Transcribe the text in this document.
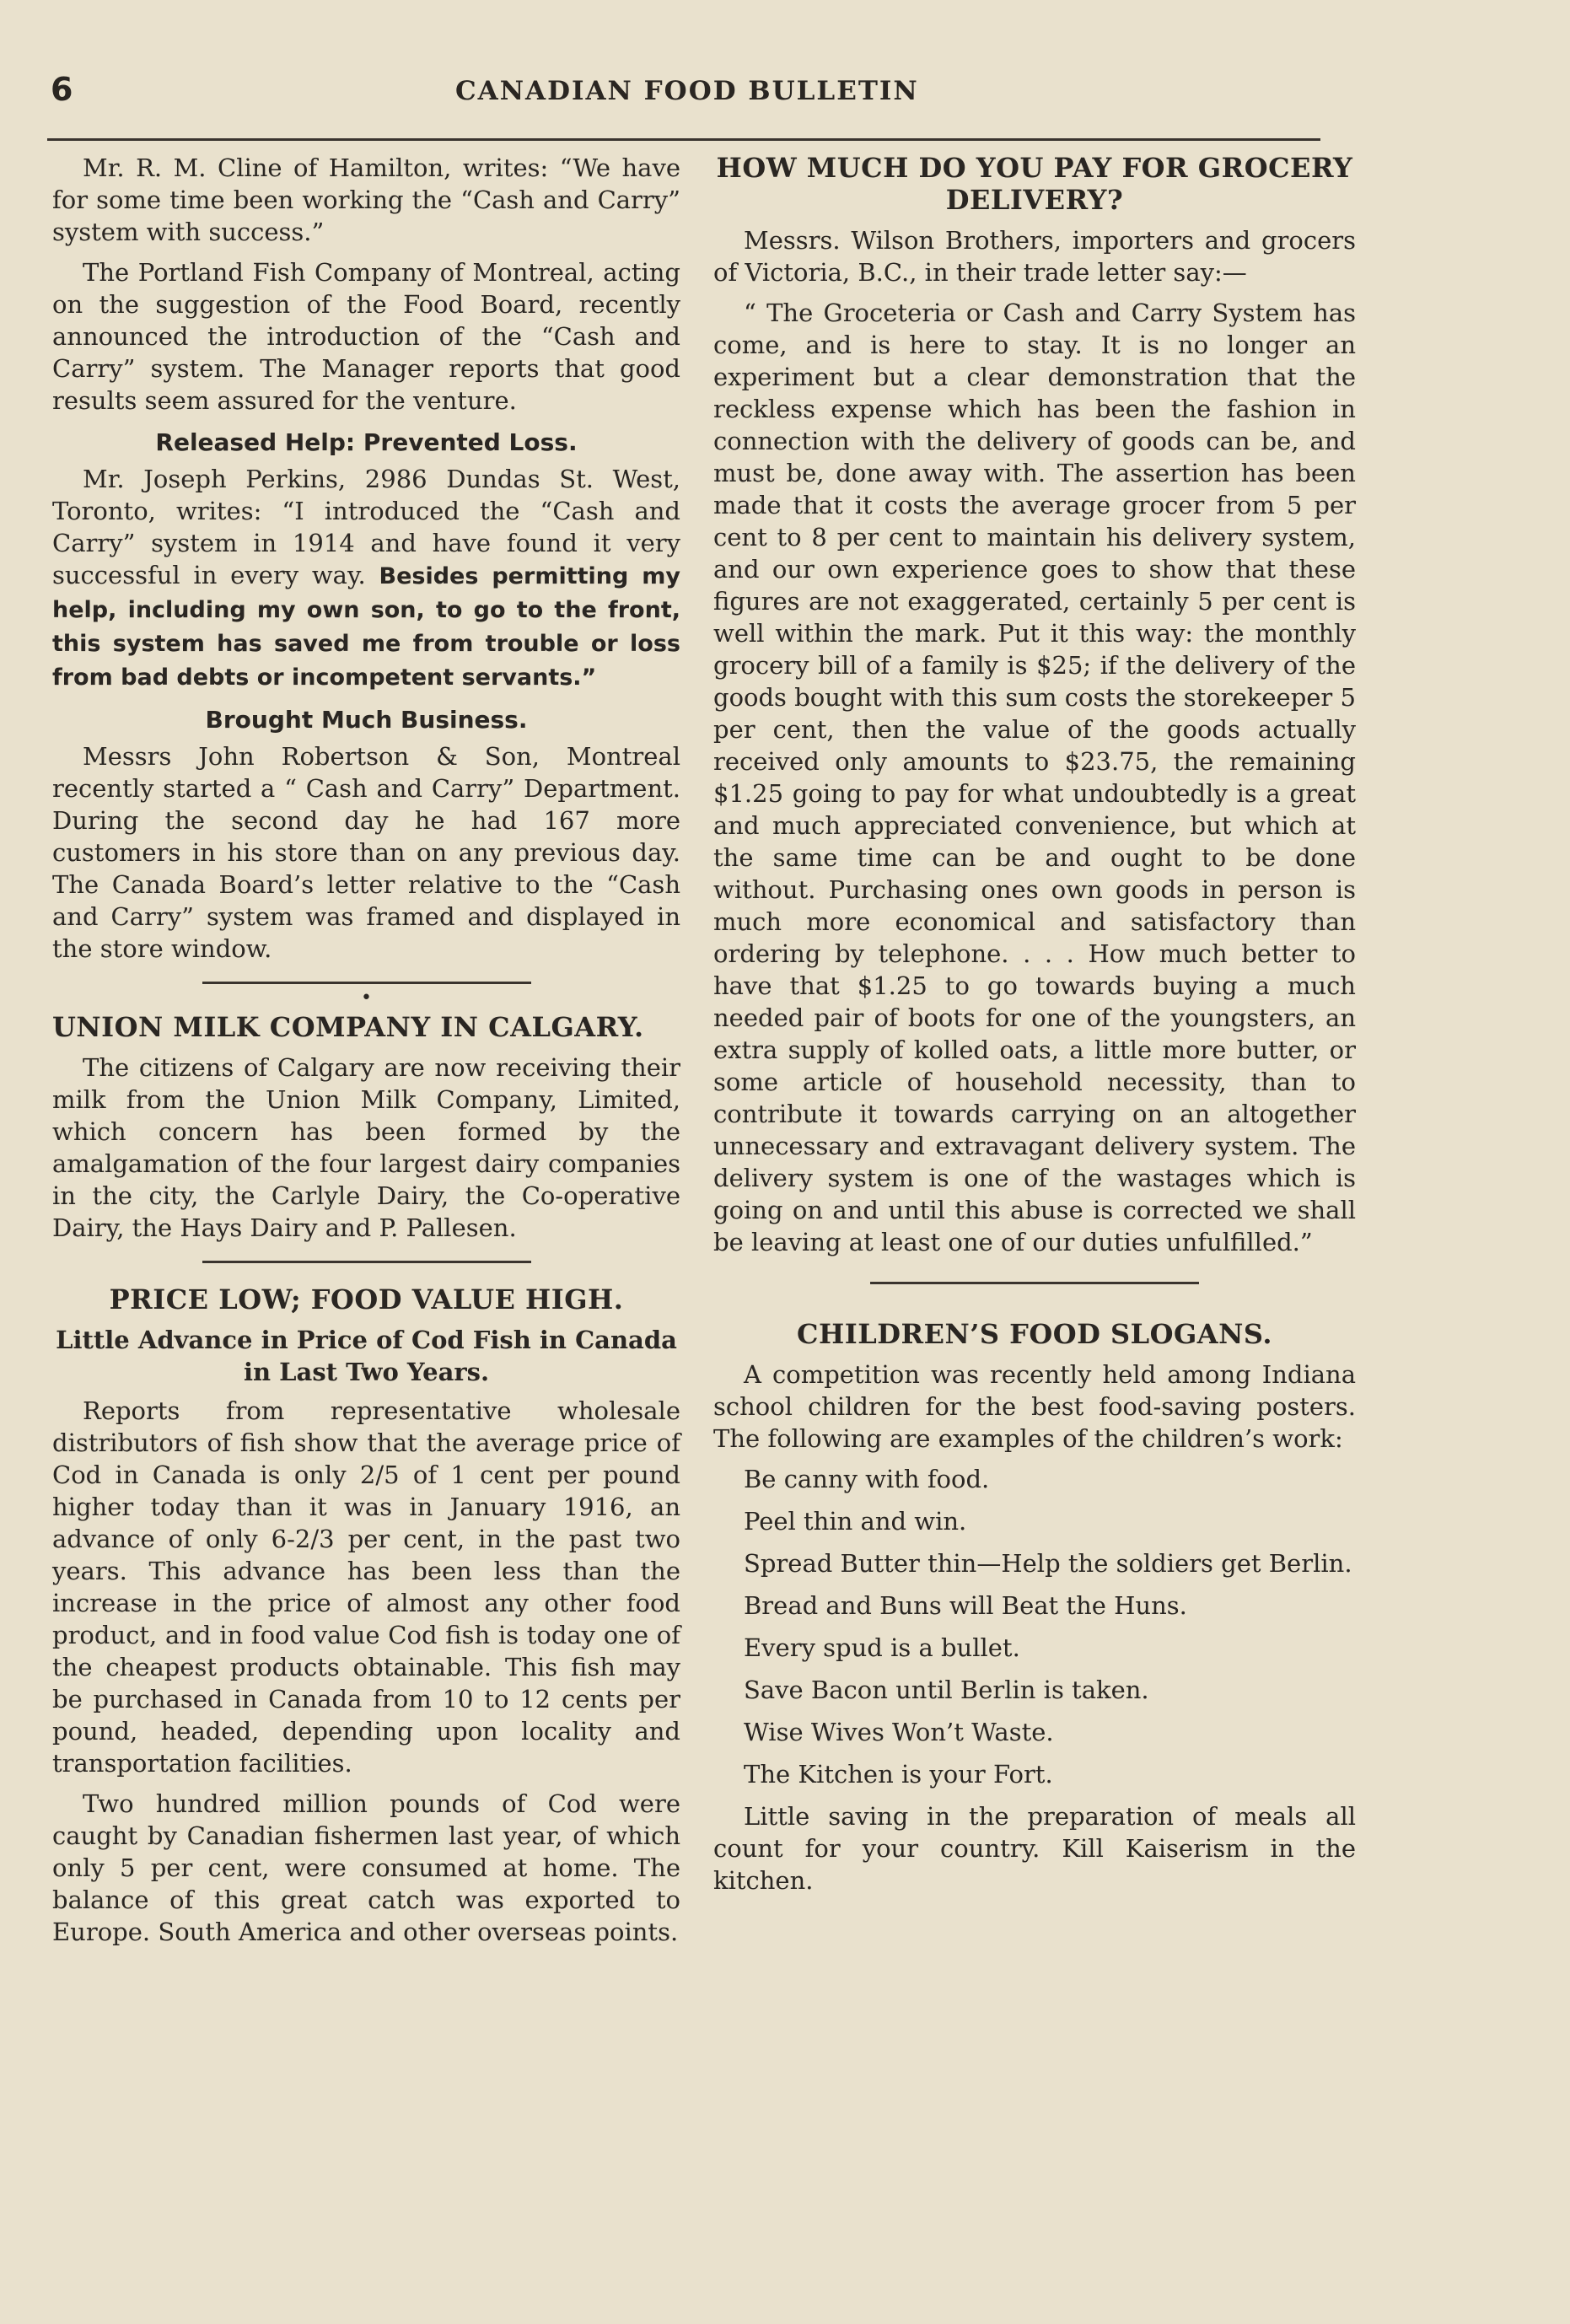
6	CANADIAN FOOD BULLETIN

Mr. R. M. Cline of Hamilton, writes: “We have for some time been working the “Cash and Carry” system with success.”

The Portland Fish Company of Montreal, acting on the suggestion of the Food Board, recently announced the introduction of the “Cash and Carry” system. The Manager reports that good results seem assured for the venture.

Released Help: Prevented Loss.

Mr. Joseph Perkins, 2986 Dundas St. West, Toronto, writes: “I introduced the “Cash and Carry” system in 1914 and have found it very successful in every way. Besides permitting my help, including my own son, to go to the front, this system has saved me from trouble or loss from bad debts or incompetent servants.”

Brought Much Business.

Messrs John Robertson & Son, Montreal recently started a “ Cash and Carry” Department. During the second day he had 167 more customers in his store than on any previous day. The Canada Board’s letter relative to the “Cash and Carry” system was framed and displayed in the store window.

•
UNION MILK COMPANY IN CALGARY.

The citizens of Calgary are now receiving their milk from the Union Milk Company, Limited, which concern has been formed by the amalgamation of the four largest dairy companies in the city, the Carlyle Dairy, the Co-operative Dairy, the Hays Dairy and P. Pallesen.

PRICE LOW; FOOD VALUE HIGH.
Little Advance in Price of Cod Fish in Canada in Last Two Years.

Reports from representative wholesale distributors of fish show that the average price of Cod in Canada is only 2/5 of 1 cent per pound higher today than it was in January 1916, an advance of only 6-2/3 per cent, in the past two years. This advance has been less than the increase in the price of almost any other food product, and in food value Cod fish is today one of the cheapest products obtainable. This fish may be purchased in Canada from 10 to 12 cents per pound, headed, depending upon locality and transportation facilities.

Two hundred million pounds of Cod were caught by Canadian fishermen last year, of which only 5 per cent, were consumed at home. The balance of this great catch was exported to Europe. South America and other overseas points.

HOW MUCH DO YOU PAY FOR GROCERY DELIVERY?

Messrs. Wilson Brothers, importers and grocers of Victoria, B.C., in their trade letter say:—

“ The Groceteria or Cash and Carry System has come, and is here to stay. It is no longer an experiment but a clear demonstration that the reckless expense which has been the fashion in connection with the delivery of goods can be, and must be, done away with. The assertion has been made that it costs the average grocer from 5 per cent to 8 per cent to maintain his delivery system, and our own experience goes to show that these figures are not exaggerated, certainly 5 per cent is well within the mark. Put it this way: the monthly grocery bill of a family is $25; if the delivery of the goods bought with this sum costs the storekeeper 5 per cent, then the value of the goods actually received only amounts to $23.75, the remaining $1.25 going to pay for what undoubtedly is a great and much appreciated convenience, but which at the same time can be and ought to be done without. Purchasing ones own goods in person is much more economical and satisfactory than ordering by telephone. . . . How much better to have that $1.25 to go towards buying a much needed pair of boots for one of the youngsters, an extra supply of kolled oats, a little more butter, or some article of household necessity, than to contribute it towards carrying on an altogether unnecessary and extravagant delivery system. The delivery system is one of the wastages which is going on and until this abuse is corrected we shall be leaving at least one of our duties unfulfilled.”

CHILDREN’S FOOD SLOGANS.

A competition was recently held among Indiana school children for the best food-saving posters. The following are examples of the children’s work:

Be canny with food.
Peel thin and win.
Spread Butter thin—Help the soldiers get Berlin.
Bread and Buns will Beat the Huns.
Every spud is a bullet.
Save Bacon until Berlin is taken.
Wise Wives Won’t Waste.
The Kitchen is your Fort.

Little saving in the preparation of meals all count for your country. Kill Kaiserism in the kitchen.
